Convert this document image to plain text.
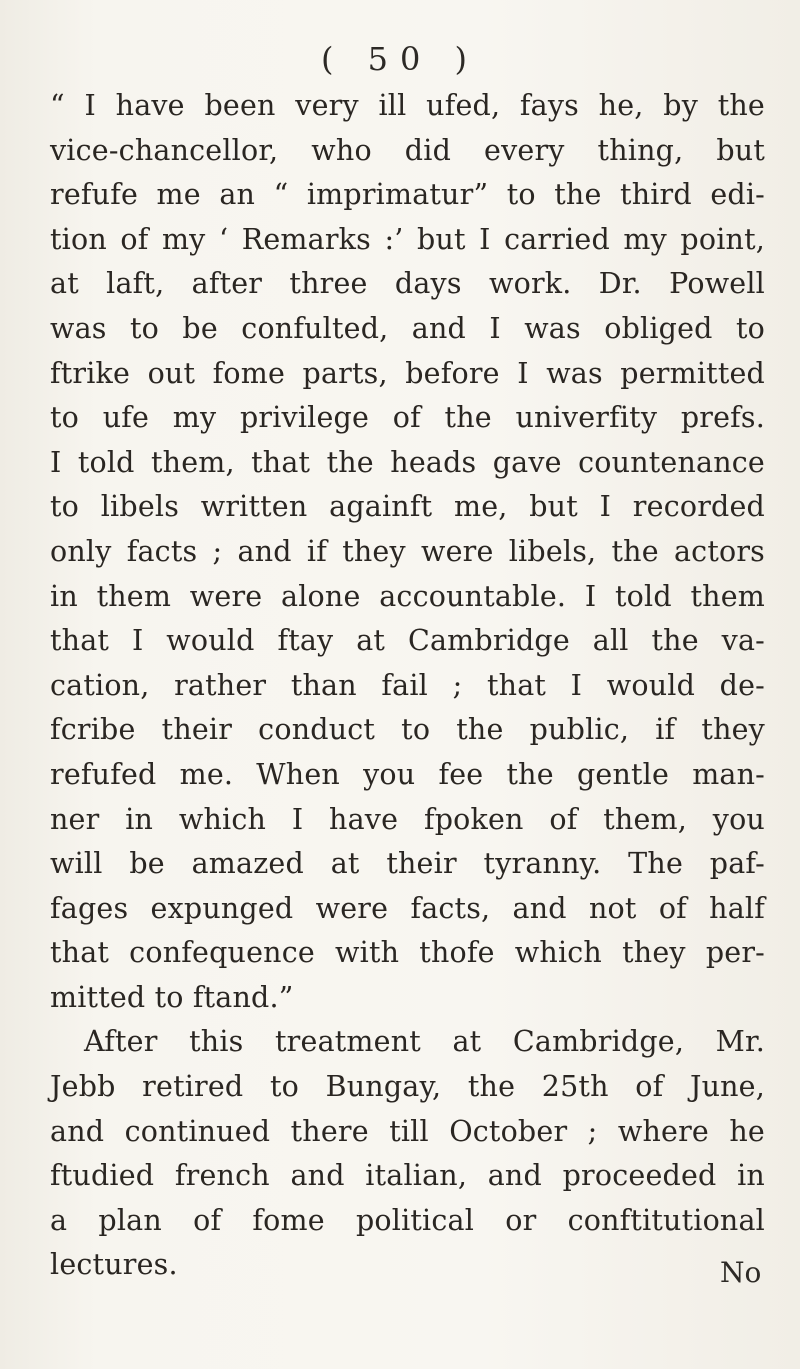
( 50 )
“ I have been very ill ufed, fays he, by the
vice-chancellor, who did every thing, but
refufe me an “ imprimatur” to the third edi-
tion of my ‘ Remarks :’ but I carried my point,
at laft, after three days work. Dr. Powell
was to be confulted, and I was obliged to
ftrike out fome parts, before I was permitted
to ufe my privilege of the univerfity prefs.
I told them, that the heads gave countenance
to libels written againft me, but I recorded
only facts ; and if they were libels, the actors
in them were alone accountable. I told them
that I would ftay at Cambridge all the va-
cation, rather than fail ; that I would de-
fcribe their conduct to the public, if they
refufed me. When you fee the gentle man-
ner in which I have fpoken of them, you
will be amazed at their tyranny. The paf-
fages expunged were facts, and not of half
that confequence with thofe which they per-
mitted to ftand.”
After this treatment at Cambridge, Mr.
Jebb retired to Bungay, the 25th of June,
and continued there till October ; where he
ftudied french and italian, and proceeded in
a plan of fome political or conftitutional
lectures.	No
